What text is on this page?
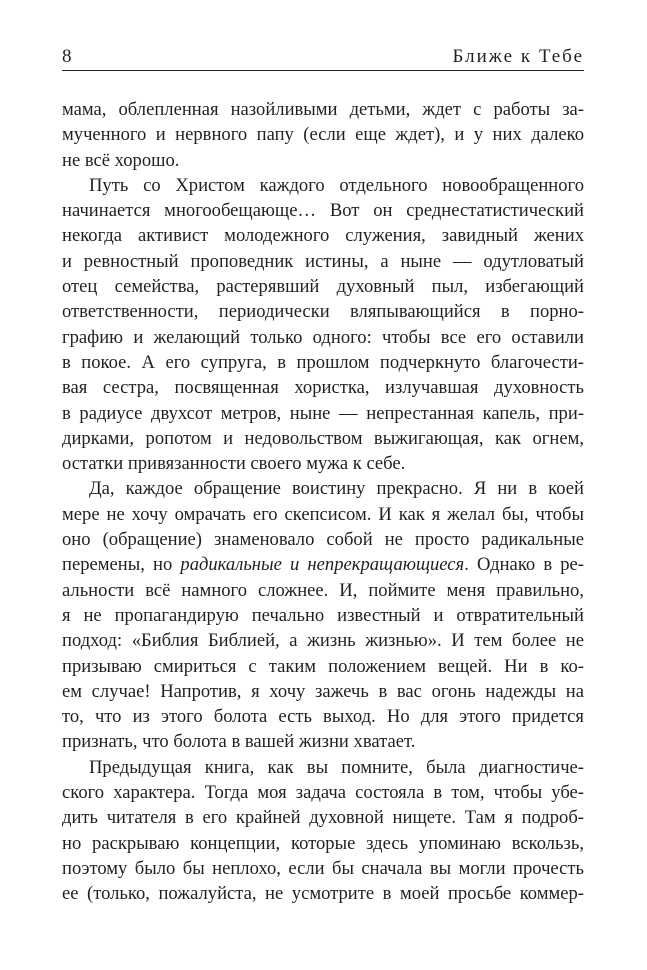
8	Ближе к Тебе
мама, облепленная назойливыми детьми, ждет с работы за-
мученного и нервного папу (если еще ждет), и у них далеко
не всё хорошо.
Путь со Христом каждого отдельного новообращенного
начинается многообещающе… Вот он среднестатистический
некогда активист молодежного служения, завидный жених
и ревностный проповедник истины, а ныне — одутловатый
отец семейства, растерявший духовный пыл, избегающий
ответственности, периодически вляпывающийся в порно-
графию и желающий только одного: чтобы все его оставили
в покое. А его супруга, в прошлом подчеркнуто благочести-
вая сестра, посвященная хористка, излучавшая духовность
в радиусе двухсот метров, ныне — непрестанная капель, при-
дирками, ропотом и недовольством выжигающая, как огнем,
остатки привязанности своего мужа к себе.
Да, каждое обращение воистину прекрасно. Я ни в коей
мере не хочу омрачать его скепсисом. И как я желал бы, чтобы
оно (обращение) знаменовало собой не просто радикальные
перемены, но радикальные и непрекращающиеся. Однако в ре-
альности всё намного сложнее. И, поймите меня правильно,
я не пропагандирую печально известный и отвратительный
подход: «Библия Библией, а жизнь жизнью». И тем более не
призываю смириться с таким положением вещей. Ни в ко-
ем случае! Напротив, я хочу зажечь в вас огонь надежды на
то, что из этого болота есть выход. Но для этого придется
признать, что болота в вашей жизни хватает.
Предыдущая книга, как вы помните, была диагностиче-
ского характера. Тогда моя задача состояла в том, чтобы убе-
дить читателя в его крайней духовной нищете. Там я подроб-
но раскрываю концепции, которые здесь упоминаю вскользь,
поэтому было бы неплохо, если бы сначала вы могли прочесть
ее (только, пожалуйста, не усмотрите в моей просьбе коммер-
